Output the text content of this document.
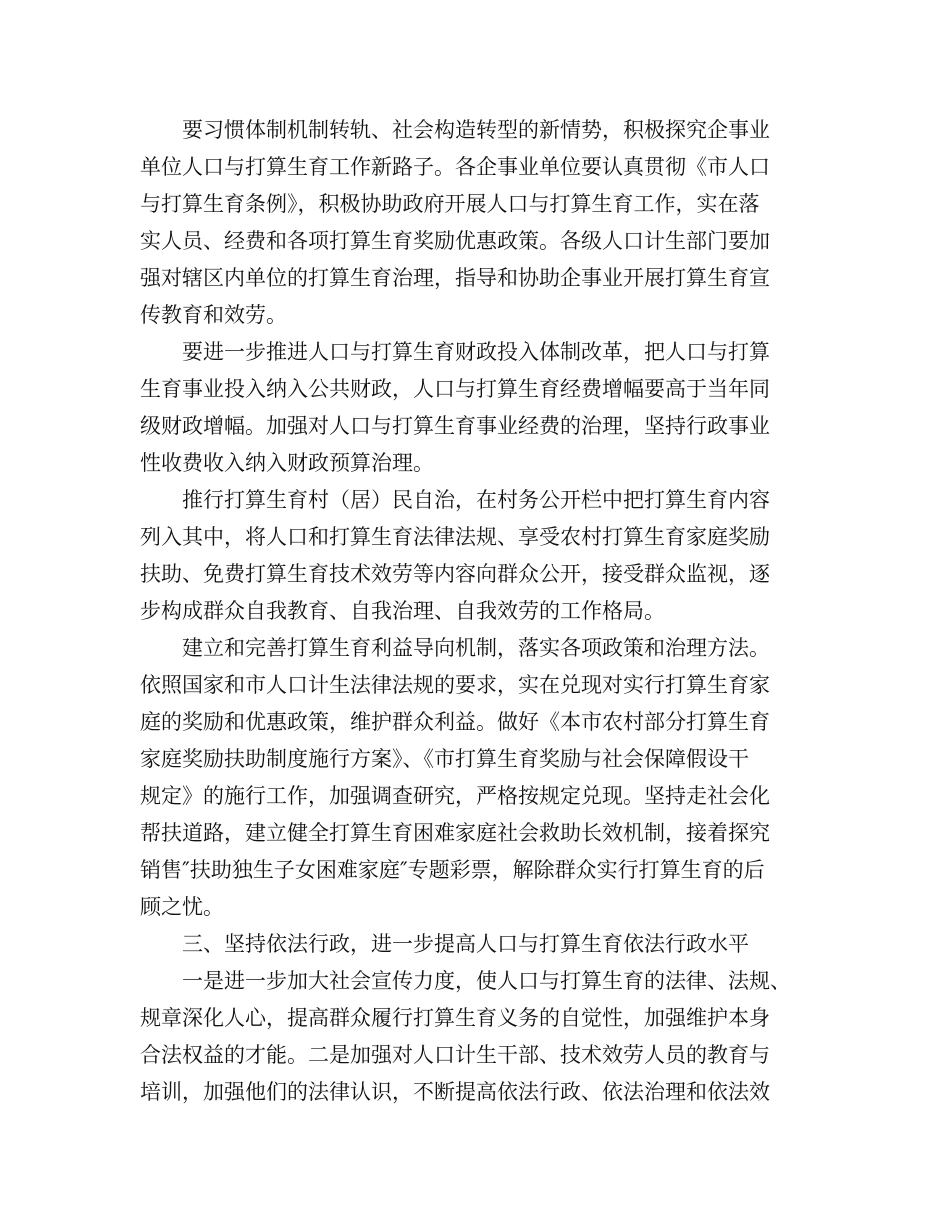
要习惯体制机制转轨、社会构造转型的新情势，积极探究企事业
单位人口与打算生育工作新路子。各企事业单位要认真贯彻《市人口
与打算生育条例》，积极协助政府开展人口与打算生育工作，实在落
实人员、经费和各项打算生育奖励优惠政策。各级人口计生部门要加
强对辖区内单位的打算生育治理，指导和协助企事业开展打算生育宣
传教育和效劳。
要进一步推进人口与打算生育财政投入体制改革，把人口与打算
生育事业投入纳入公共财政，人口与打算生育经费增幅要高于当年同
级财政增幅。加强对人口与打算生育事业经费的治理，坚持行政事业
性收费收入纳入财政预算治理。
推行打算生育村（居）民自治，在村务公开栏中把打算生育内容
列入其中，将人口和打算生育法律法规、享受农村打算生育家庭奖励
扶助、免费打算生育技术效劳等内容向群众公开，接受群众监视，逐
步构成群众自我教育、自我治理、自我效劳的工作格局。
建立和完善打算生育利益导向机制，落实各项政策和治理方法。
依照国家和市人口计生法律法规的要求，实在兑现对实行打算生育家
庭的奖励和优惠政策，维护群众利益。做好《本市农村部分打算生育
家庭奖励扶助制度施行方案》、《市打算生育奖励与社会保障假设干
规定》的施行工作，加强调查研究，严格按规定兑现。坚持走社会化
帮扶道路，建立健全打算生育困难家庭社会救助长效机制，接着探究
销售″扶助独生子女困难家庭″专题彩票，解除群众实行打算生育的后
顾之忧。
三、坚持依法行政，进一步提高人口与打算生育依法行政水平
一是进一步加大社会宣传力度，使人口与打算生育的法律、法规、
规章深化人心，提高群众履行打算生育义务的自觉性，加强维护本身
合法权益的才能。二是加强对人口计生干部、技术效劳人员的教育与
培训，加强他们的法律认识，不断提高依法行政、依法治理和依法效
